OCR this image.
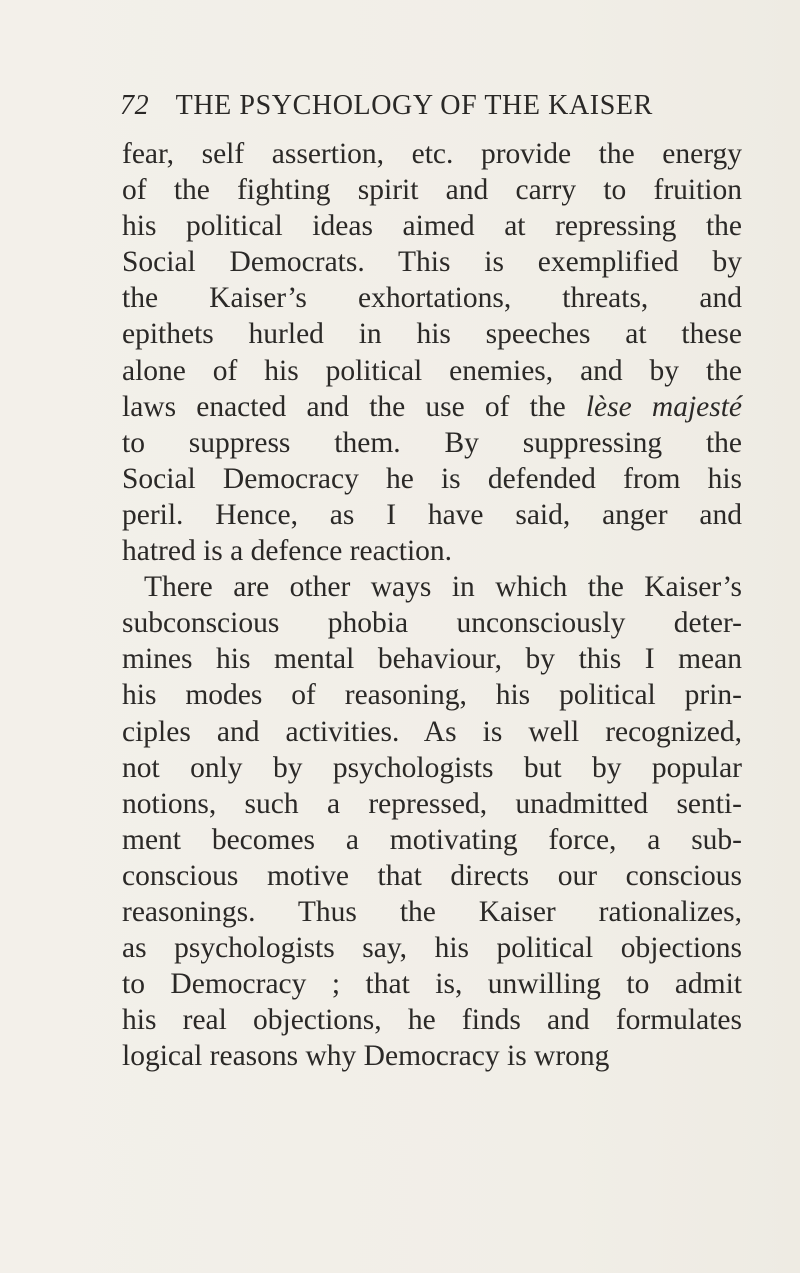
72 THE PSYCHOLOGY OF THE KAISER
fear, self assertion, etc. provide the energy
of the fighting spirit and carry to fruition
his political ideas aimed at repressing the
Social Democrats. This is exemplified by
the Kaiser’s exhortations, threats, and
epithets hurled in his speeches at these
alone of his political enemies, and by the
laws enacted and the use of the lèse majesté
to suppress them. By suppressing the
Social Democracy he is defended from his
peril. Hence, as I have said, anger and
hatred is a defence reaction.
There are other ways in which the Kaiser’s
subconscious phobia unconsciously deter-
mines his mental behaviour, by this I mean
his modes of reasoning, his political prin-
ciples and activities. As is well recognized,
not only by psychologists but by popular
notions, such a repressed, unadmitted senti-
ment becomes a motivating force, a sub-
conscious motive that directs our conscious
reasonings. Thus the Kaiser rationalizes,
as psychologists say, his political objections
to Democracy ; that is, unwilling to admit
his real objections, he finds and formulates
logical reasons why Democracy is wrong
